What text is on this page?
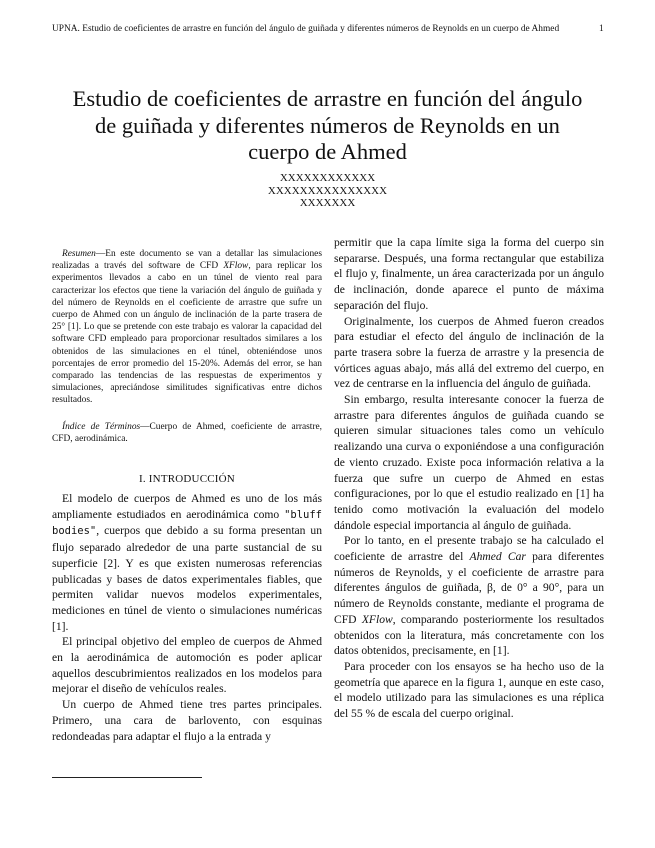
UPNA. Estudio de coeficientes de arrastre en función del ángulo de guiñada y diferentes números de Reynolds en un cuerpo de Ahmed	1
Estudio de coeficientes de arrastre en función del ángulo de guiñada y diferentes números de Reynolds en un cuerpo de Ahmed
XXXXXXXXXXXX
XXXXXXXXXXXXXXX
XXXXXXX

Resumen—En este documento se van a detallar las simulaciones realizadas a través del software de CFD XFlow, para replicar los experimentos llevados a cabo en un túnel de viento real para caracterizar los efectos que tiene la variación del ángulo de guiñada y del número de Reynolds en el coeficiente de arrastre que sufre un cuerpo de Ahmed con un ángulo de inclinación de la parte trasera de 25° [1]. Lo que se pretende con este trabajo es valorar la capacidad del software CFD empleado para proporcionar resultados similares a los obtenidos de las simulaciones en el túnel, obteniéndose unos porcentajes de error promedio del 15-20%. Además del error, se han comparado las tendencias de las respuestas de experimentos y simulaciones, apreciándose similitudes significativas entre dichos resultados.

Índice de Términos—Cuerpo de Ahmed, coeficiente de arrastre, CFD, aerodinámica.

I. INTRODUCCIÓN

El modelo de cuerpos de Ahmed es uno de los más ampliamente estudiados en aerodinámica como "bluff bodies", cuerpos que debido a su forma presentan un flujo separado alrededor de una parte sustancial de su superficie [2]. Y es que existen numerosas referencias publicadas y bases de datos experimentales fiables, que permiten validar nuevos modelos experimentales, mediciones en túnel de viento o simulaciones numéricas [1].

El principal objetivo del empleo de cuerpos de Ahmed en la aerodinámica de automoción es poder aplicar aquellos descubrimientos realizados en los modelos para mejorar el diseño de vehículos reales.

Un cuerpo de Ahmed tiene tres partes principales. Primero, una cara de barlovento, con esquinas redondeadas para adaptar el flujo a la entrada y

permitir que la capa límite siga la forma del cuerpo sin separarse. Después, una forma rectangular que estabiliza el flujo y, finalmente, un área caracterizada por un ángulo de inclinación, donde aparece el punto de máxima separación del flujo.

Originalmente, los cuerpos de Ahmed fueron creados para estudiar el efecto del ángulo de inclinación de la parte trasera sobre la fuerza de arrastre y la presencia de vórtices aguas abajo, más allá del extremo del cuerpo, en vez de centrarse en la influencia del ángulo de guiñada.

Sin embargo, resulta interesante conocer la fuerza de arrastre para diferentes ángulos de guiñada cuando se quieren simular situaciones tales como un vehículo realizando una curva o exponiéndose a una configuración de viento cruzado. Existe poca información relativa a la fuerza que sufre un cuerpo de Ahmed en estas configuraciones, por lo que el estudio realizado en [1] ha tenido como motivación la evaluación del modelo dándole especial importancia al ángulo de guiñada.

Por lo tanto, en el presente trabajo se ha calculado el coeficiente de arrastre del Ahmed Car para diferentes números de Reynolds, y el coeficiente de arrastre para diferentes ángulos de guiñada, β, de 0° a 90°, para un número de Reynolds constante, mediante el programa de CFD XFlow, comparando posteriormente los resultados obtenidos con la literatura, más concretamente con los datos obtenidos, precisamente, en [1].

Para proceder con los ensayos se ha hecho uso de la geometría que aparece en la figura 1, aunque en este caso, el modelo utilizado para las simulaciones es una réplica del 55 % de escala del cuerpo original.
